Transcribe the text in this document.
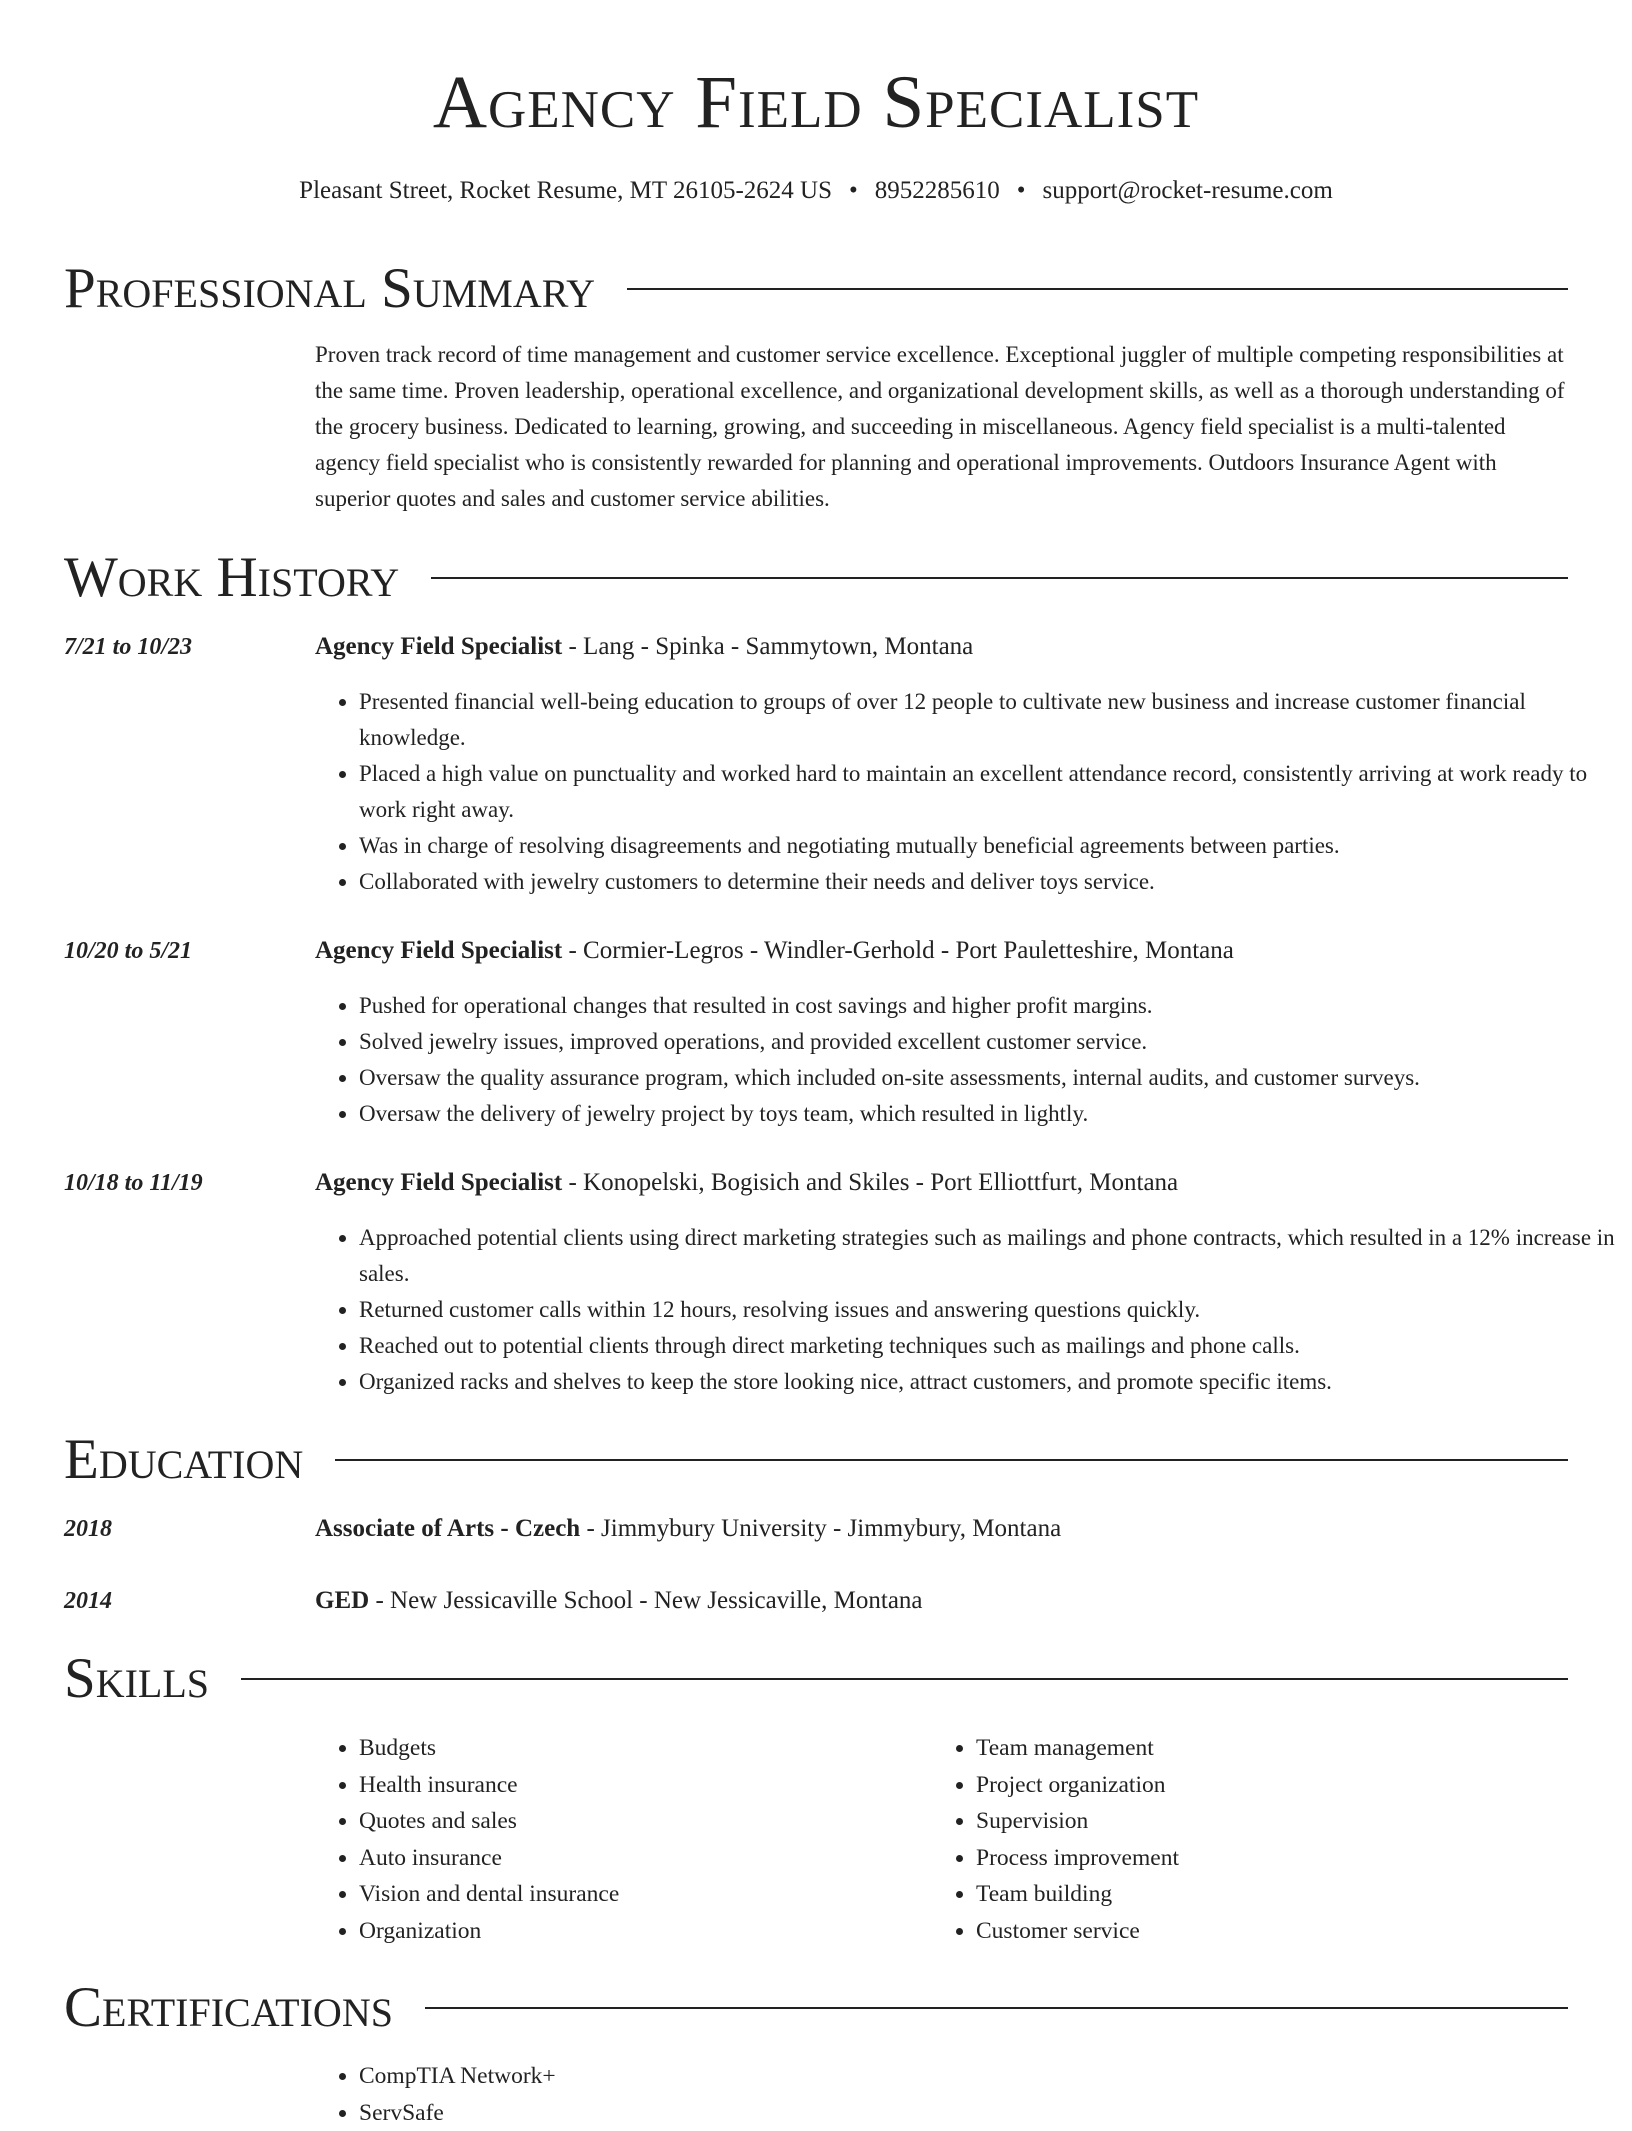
Agency Field Specialist
Pleasant Street, Rocket Resume, MT 26105-2624 US • 8952285610 • support@rocket-resume.com
Professional Summary
Proven track record of time management and customer service excellence. Exceptional juggler of multiple competing responsibilities at the same time. Proven leadership, operational excellence, and organizational development skills, as well as a thorough understanding of the grocery business. Dedicated to learning, growing, and succeeding in miscellaneous. Agency field specialist is a multi-talented agency field specialist who is consistently rewarded for planning and operational improvements. Outdoors Insurance Agent with superior quotes and sales and customer service abilities.
Work History
7/21 to 10/23	Agency Field Specialist - Lang - Spinka - Sammytown, Montana
• Presented financial well-being education to groups of over 12 people to cultivate new business and increase customer financial knowledge.
• Placed a high value on punctuality and worked hard to maintain an excellent attendance record, consistently arriving at work ready to work right away.
• Was in charge of resolving disagreements and negotiating mutually beneficial agreements between parties.
• Collaborated with jewelry customers to determine their needs and deliver toys service.
10/20 to 5/21	Agency Field Specialist - Cormier-Legros - Windler-Gerhold - Port Pauletteshire, Montana
• Pushed for operational changes that resulted in cost savings and higher profit margins.
• Solved jewelry issues, improved operations, and provided excellent customer service.
• Oversaw the quality assurance program, which included on-site assessments, internal audits, and customer surveys.
• Oversaw the delivery of jewelry project by toys team, which resulted in lightly.
10/18 to 11/19	Agency Field Specialist - Konopelski, Bogisich and Skiles - Port Elliottfurt, Montana
• Approached potential clients using direct marketing strategies such as mailings and phone contracts, which resulted in a 12% increase in sales.
• Returned customer calls within 12 hours, resolving issues and answering questions quickly.
• Reached out to potential clients through direct marketing techniques such as mailings and phone calls.
• Organized racks and shelves to keep the store looking nice, attract customers, and promote specific items.
Education
2018	Associate of Arts - Czech - Jimmybury University - Jimmybury, Montana
2014	GED - New Jessicaville School - New Jessicaville, Montana
Skills
• Budgets
• Health insurance
• Quotes and sales
• Auto insurance
• Vision and dental insurance
• Organization
• Team management
• Project organization
• Supervision
• Process improvement
• Team building
• Customer service
Certifications
• CompTIA Network+
• ServSafe
